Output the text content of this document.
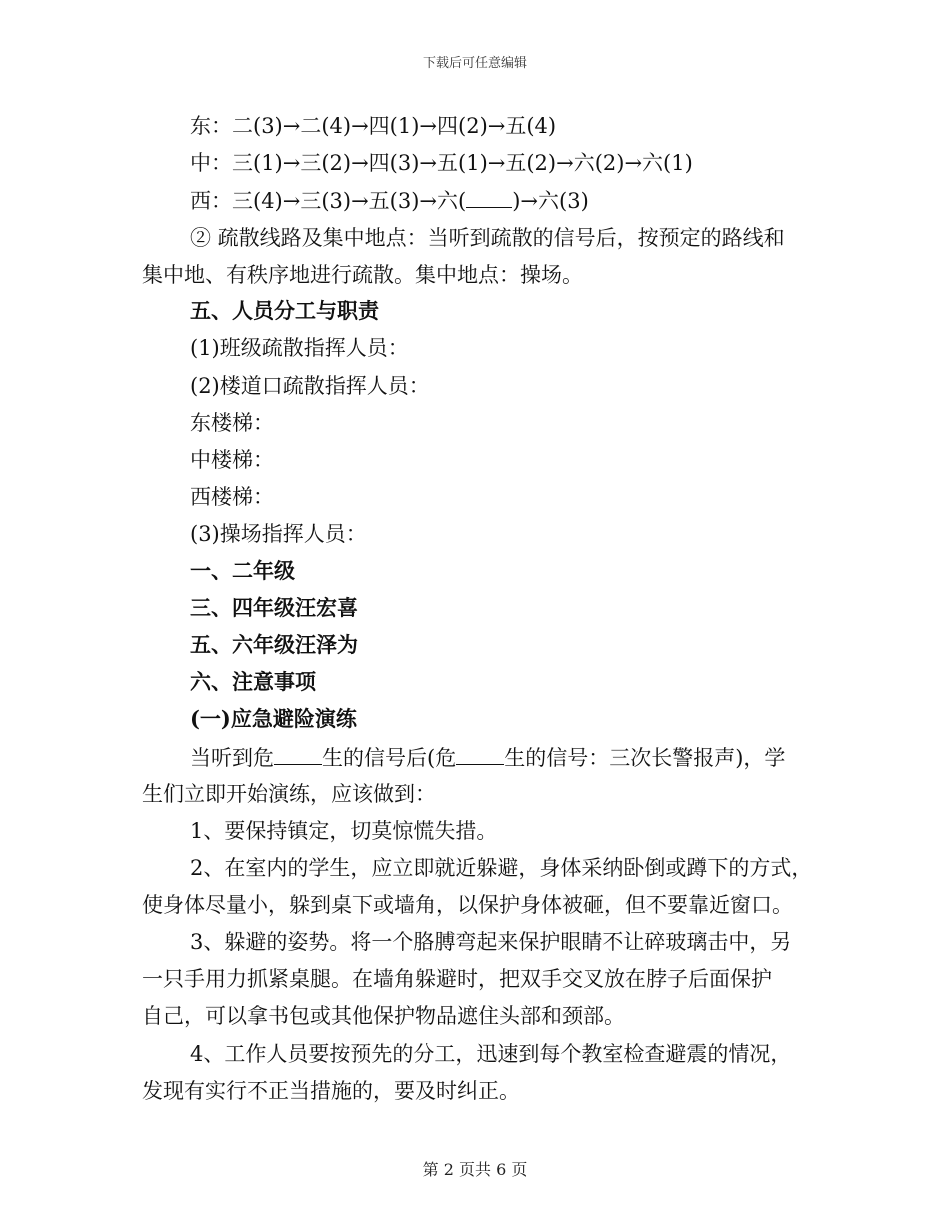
下载后可任意编辑
东：二(3)→二(4)→四(1)→四(2)→五(4)
中：三(1)→三(2)→四(3)→五(1)→五(2)→六(2)→六(1)
西：三(4)→三(3)→五(3)→六( )→六(3)
② 疏散线路及集中地点：当听到疏散的信号后，按预定的路线和
集中地、有秩序地进行疏散。集中地点：操场。
五、人员分工与职责
(1)班级疏散指挥人员：
(2)楼道口疏散指挥人员：
东楼梯：
中楼梯：
西楼梯：
(3)操场指挥人员：
一、二年级
三、四年级汪宏喜
五、六年级汪泽为
六、注意事项
(一)应急避险演练
当听到危 生的信号后(危 生的信号：三次长警报声)，学
生们立即开始演练，应该做到：
1、要保持镇定，切莫惊慌失措。
2、在室内的学生，应立即就近躲避，身体采纳卧倒或蹲下的方式，
使身体尽量小，躲到桌下或墙角，以保护身体被砸，但不要靠近窗口。
3、躲避的姿势。将一个胳膊弯起来保护眼睛不让碎玻璃击中，另
一只手用力抓紧桌腿。在墙角躲避时，把双手交叉放在脖子后面保护
自己，可以拿书包或其他保护物品遮住头部和颈部。
4、工作人员要按预先的分工，迅速到每个教室检查避震的情况，
发现有实行不正当措施的，要及时纠正。
第 2 页共 6 页
